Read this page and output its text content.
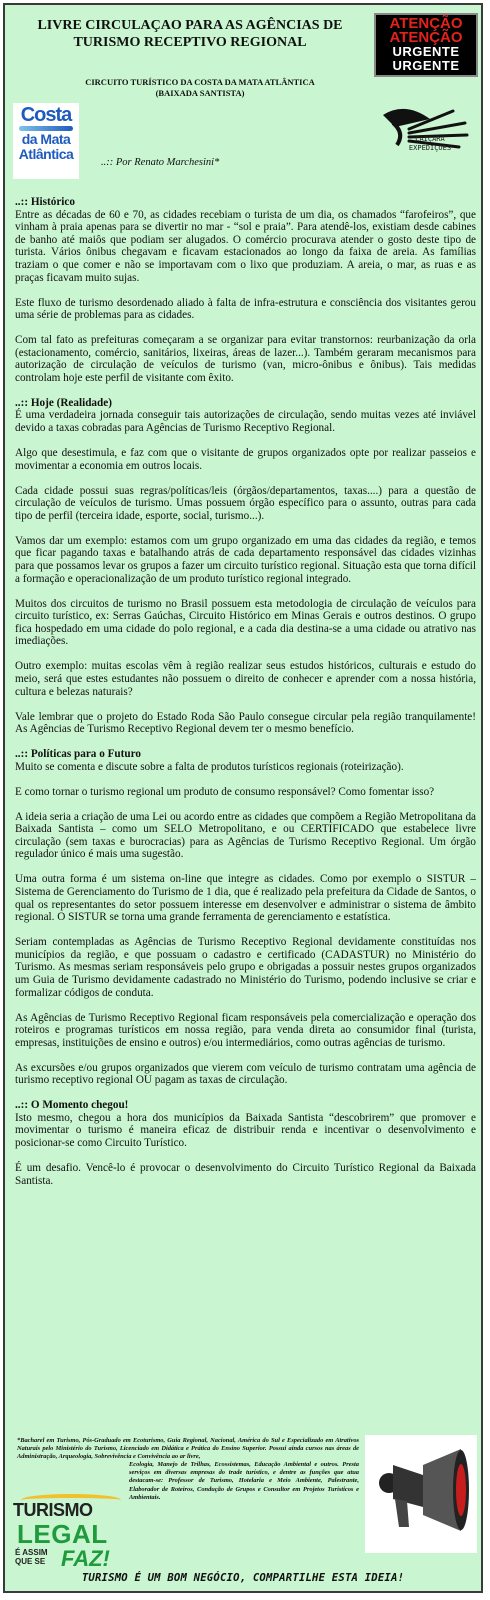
LIVRE CIRCULAÇAO PARA AS AGÊNCIAS DE TURISMO RECEPTIVO REGIONAL
ATENÇÃO
ATENÇÃO
URGENTE
URGENTE
CIRCUITO TURÍSTICO DA COSTA DA MATA ATLÂNTICA
(BAIXADA SANTISTA)
Costa
da Mata
Atlântica
..:: Por Renato Marchesini*
CAIÇARA
EXPEDIÇÕES
..:: Histórico

Entre as décadas de 60 e 70, as cidades recebiam o turista de um dia, os chamados “farofeiros”, que vinham à praia apenas para se divertir no mar - “sol e praia”. Para atendê-los, existiam desde cabines de banho até maiôs que podiam ser alugados. O comércio procurava atender o gosto deste tipo de turista. Vários ônibus chegavam e ficavam estacionados ao longo da faixa de areia. As famílias traziam o que comer e não se importavam com o lixo que produziam. A areia, o mar, as ruas e as praças ficavam muito sujas.

Este fluxo de turismo desordenado aliado à falta de infra-estrutura e consciência dos visitantes gerou uma série de problemas para as cidades.

Com tal fato as prefeituras começaram a se organizar para evitar transtornos: reurbanização da orla (estacionamento, comércio, sanitários, lixeiras, áreas de lazer...). Também geraram mecanismos para autorização de circulação de veículos de turismo (van, micro-ônibus e ônibus). Tais medidas controlam hoje este perfil de visitante com êxito.

..:: Hoje (Realidade)

É uma verdadeira jornada conseguir tais autorizações de circulação, sendo muitas vezes até inviável devido a taxas cobradas para Agências de Turismo Receptivo Regional.

Algo que desestimula, e faz com que o visitante de grupos organizados opte por realizar passeios e movimentar a economia em outros locais.

Cada cidade possui suas regras/políticas/leis (órgãos/departamentos, taxas....) para a questão de circulação de veículos de turismo. Umas possuem órgão específico para o assunto, outras para cada tipo de perfil (terceira idade, esporte, social, turismo...).

Vamos dar um exemplo: estamos com um grupo organizado em uma das cidades da região, e temos que ficar pagando taxas e batalhando atrás de cada departamento responsável das cidades vizinhas para que possamos levar os grupos a fazer um circuito turístico regional. Situação esta que torna difícil a formação e operacionalização de um produto turístico regional integrado.

Muitos dos circuitos de turismo no Brasil possuem esta metodologia de circulação de veículos para circuito turístico, ex: Serras Gaúchas, Circuito Histórico em Minas Gerais e outros destinos. O grupo fica hospedado em uma cidade do polo regional, e a cada dia destina-se a uma cidade ou atrativo nas imediações.

Outro exemplo: muitas escolas vêm à região realizar seus estudos históricos, culturais e estudo do meio, será que estes estudantes não possuem o direito de conhecer e aprender com a nossa história, cultura e belezas naturais?

Vale lembrar que o projeto do Estado Roda São Paulo consegue circular pela região tranquilamente! As Agências de Turismo Receptivo Regional devem ter o mesmo benefício.

..:: Políticas para o Futuro

Muito se comenta e discute sobre a falta de produtos turísticos regionais (roteirização).

E como tornar o turismo regional um produto de consumo responsável? Como fomentar isso?

A ideia seria a criação de uma Lei ou acordo entre as cidades que compõem a Região Metropolitana da Baixada Santista – como um SELO Metropolitano, e ou CERTIFICADO que estabelece livre circulação (sem taxas e burocracias) para as Agências de Turismo Receptivo Regional. Um órgão regulador único é mais uma sugestão.

Uma outra forma é um sistema on-line que integre as cidades. Como por exemplo o SISTUR – Sistema de Gerenciamento do Turismo de 1 dia, que é realizado pela prefeitura da Cidade de Santos, o qual os representantes do setor possuem interesse em desenvolver e administrar o sistema de âmbito regional. O SISTUR se torna uma grande ferramenta de gerenciamento e estatística.

Seriam contempladas as Agências de Turismo Receptivo Regional devidamente constituídas nos municípios da região, e que possuam o cadastro e certificado (CADASTUR) no Ministério do Turismo. As mesmas seriam responsáveis pelo grupo e obrigadas a possuir nestes grupos organizados um Guia de Turismo devidamente cadastrado no Ministério do Turismo, podendo inclusive se criar e formalizar códigos de conduta.

As Agências de Turismo Receptivo Regional ficam responsáveis pela comercialização e operação dos roteiros e programas turísticos em nossa região, para venda direta ao consumidor final (turista, empresas, instituições de ensino e outros) e/ou intermediários, como outras agências de turismo.

As excursões e/ou grupos organizados que vierem com veículo de turismo contratam uma agência de turismo receptivo regional OU pagam as taxas de circulação.

..:: O Momento chegou!

Isto mesmo, chegou a hora dos municípios da Baixada Santista “descobrirem” que promover e movimentar o turismo é maneira eficaz de distribuir renda e incentivar o desenvolvimento e posicionar-se como Circuito Turístico.

É um desafio. Vencê-lo é provocar o desenvolvimento do Circuito Turístico Regional da Baixada Santista.

*Bacharel em Turismo, Pós-Graduado em Ecoturismo, Guia Regional, Nacional, América do Sul e Especializado em Atrativos Naturais pelo Ministério do Turismo, Licenciado em Didática e Prática do Ensino Superior. Possui ainda cursos nas áreas de Administração, Arqueologia, Sobrevivência e Convivência ao ar livre,
Ecologia, Manejo de Trilhas, Ecossistemas, Educação Ambiental e outros. Presta serviços em diversas empresas do trade turístico, e dentre as funções que atua destacam-se: Professor de Turismo, Hotelaria e Meio Ambiente, Palestrante, Elaborador de Roteiros, Condução de Grupos e Consultor em Projetos Turísticos e Ambientais.
TURISMO
LEGAL
É ASSIM
QUE SE FAZ!
TURISMO É UM BOM NEGÓCIO, COMPARTILHE ESTA IDEIA!
